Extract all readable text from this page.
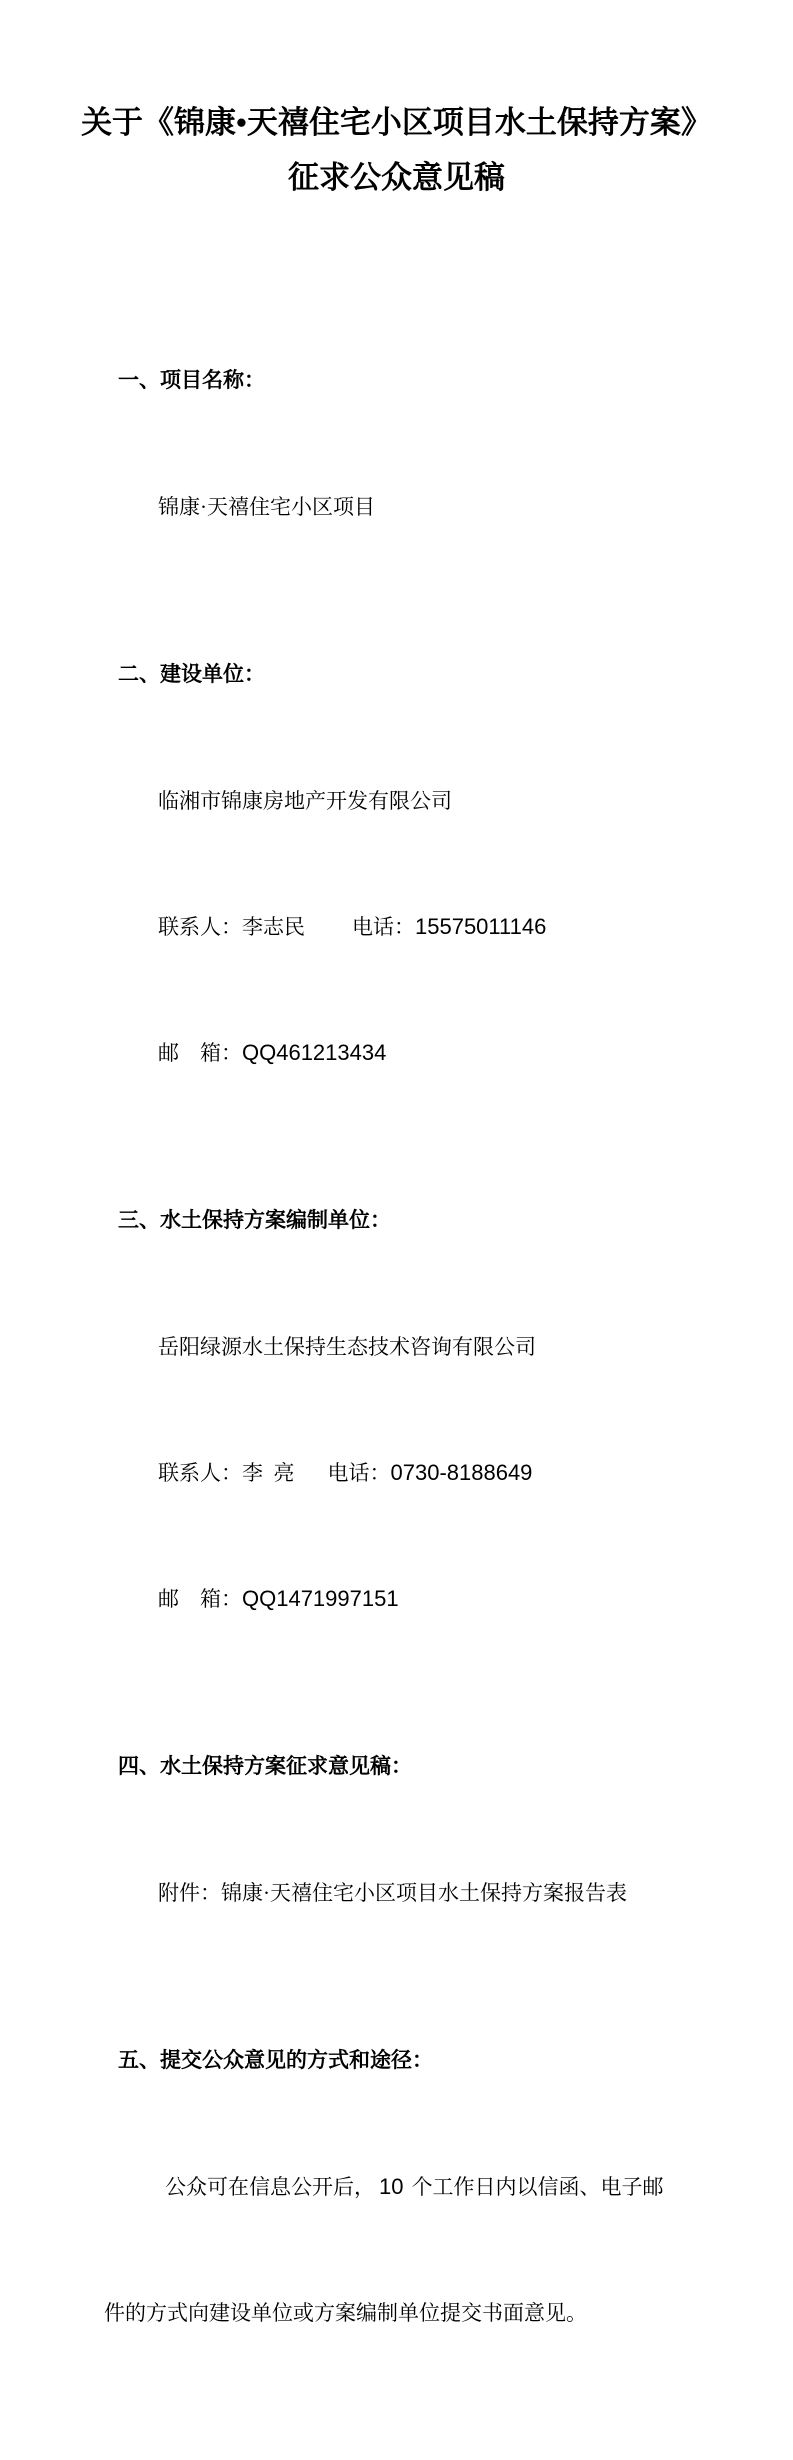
关于《锦康•天禧住宅小区项目水土保持方案》
征求公众意见稿

一、项目名称：

锦康·天禧住宅小区项目

二、建设单位：

临湘市锦康房地产开发有限公司

联系人：李志民 电话：15575011146

邮 箱：QQ461213434

三、水土保持方案编制单位：

岳阳绿源水土保持生态技术咨询有限公司

联系人：李  亮 电话：0730-8188649

邮 箱：QQ1471997151

四、水土保持方案征求意见稿：

附件：锦康·天禧住宅小区项目水土保持方案报告表

五、提交公众意见的方式和途径：

公众可在信息公开后， 10 个工作日内以信函、电子邮

件的方式向建设单位或方案编制单位提交书面意见。
